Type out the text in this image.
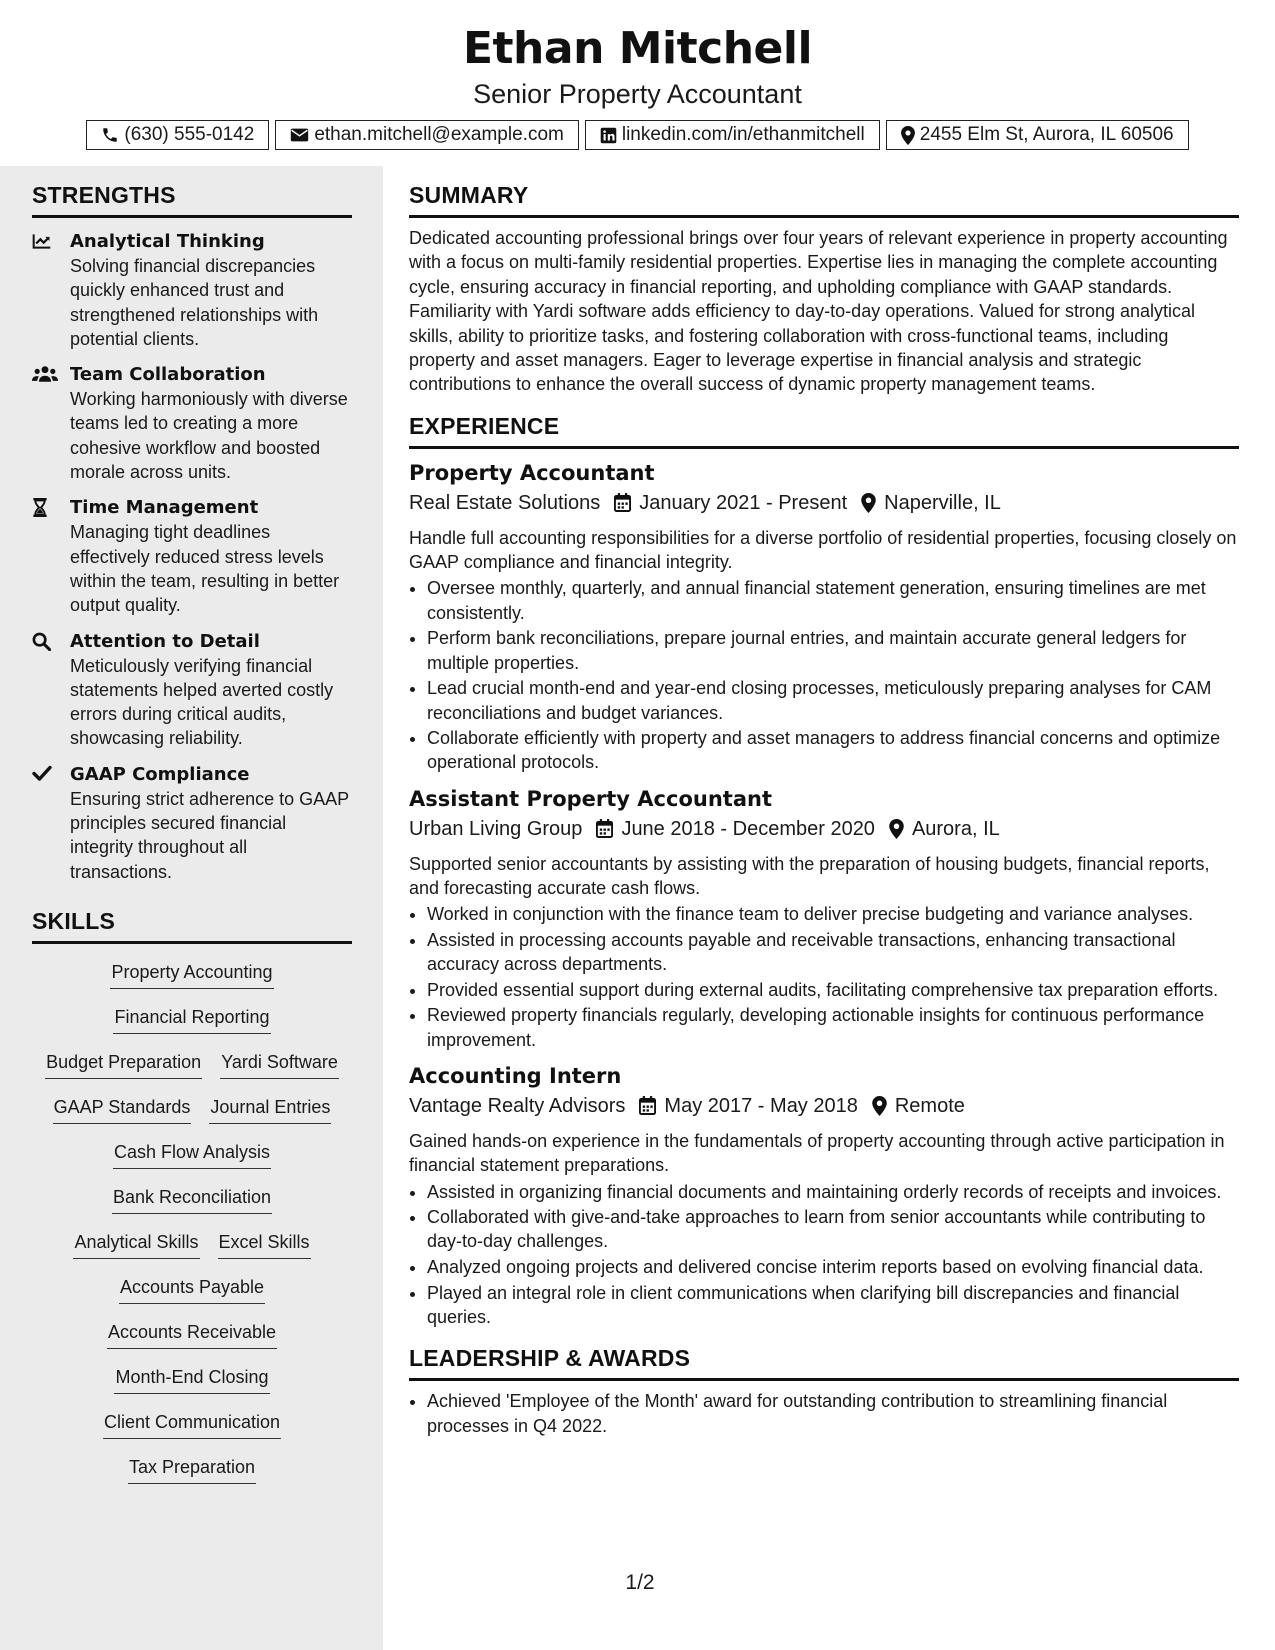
Ethan Mitchell
Senior Property Accountant
(630) 555-0142	ethan.mitchell@example.com	linkedin.com/in/ethanmitchell	2455 Elm St, Aurora, IL 60506
STRENGTHS
Analytical Thinking
Solving financial discrepancies quickly enhanced trust and strengthened relationships with potential clients.
Team Collaboration
Working harmoniously with diverse teams led to creating a more cohesive workflow and boosted morale across units.
Time Management
Managing tight deadlines effectively reduced stress levels within the team, resulting in better output quality.
Attention to Detail
Meticulously verifying financial statements helped averted costly errors during critical audits, showcasing reliability.
GAAP Compliance
Ensuring strict adherence to GAAP principles secured financial integrity throughout all transactions.
SKILLS
Property Accounting
Financial Reporting
Budget Preparation Yardi Software
GAAP Standards Journal Entries
Cash Flow Analysis
Bank Reconciliation
Analytical Skills Excel Skills
Accounts Payable
Accounts Receivable
Month-End Closing
Client Communication
Tax Preparation
SUMMARY
Dedicated accounting professional brings over four years of relevant experience in property accounting with a focus on multi-family residential properties. Expertise lies in managing the complete accounting cycle, ensuring accuracy in financial reporting, and upholding compliance with GAAP standards. Familiarity with Yardi software adds efficiency to day-to-day operations. Valued for strong analytical skills, ability to prioritize tasks, and fostering collaboration with cross-functional teams, including property and asset managers. Eager to leverage expertise in financial analysis and strategic contributions to enhance the overall success of dynamic property management teams.
EXPERIENCE
Property Accountant
Real Estate Solutions January 2021 - Present Naperville, IL
Handle full accounting responsibilities for a diverse portfolio of residential properties, focusing closely on GAAP compliance and financial integrity.
• Oversee monthly, quarterly, and annual financial statement generation, ensuring timelines are met consistently.
• Perform bank reconciliations, prepare journal entries, and maintain accurate general ledgers for multiple properties.
• Lead crucial month-end and year-end closing processes, meticulously preparing analyses for CAM reconciliations and budget variances.
• Collaborate efficiently with property and asset managers to address financial concerns and optimize operational protocols.
Assistant Property Accountant
Urban Living Group June 2018 - December 2020 Aurora, IL
Supported senior accountants by assisting with the preparation of housing budgets, financial reports, and forecasting accurate cash flows.
• Worked in conjunction with the finance team to deliver precise budgeting and variance analyses.
• Assisted in processing accounts payable and receivable transactions, enhancing transactional accuracy across departments.
• Provided essential support during external audits, facilitating comprehensive tax preparation efforts.
• Reviewed property financials regularly, developing actionable insights for continuous performance improvement.
Accounting Intern
Vantage Realty Advisors May 2017 - May 2018 Remote
Gained hands-on experience in the fundamentals of property accounting through active participation in financial statement preparations.
• Assisted in organizing financial documents and maintaining orderly records of receipts and invoices.
• Collaborated with give-and-take approaches to learn from senior accountants while contributing to day-to-day challenges.
• Analyzed ongoing projects and delivered concise interim reports based on evolving financial data.
• Played an integral role in client communications when clarifying bill discrepancies and financial queries.
LEADERSHIP & AWARDS
• Achieved 'Employee of the Month' award for outstanding contribution to streamlining financial processes in Q4 2022.
1/2
